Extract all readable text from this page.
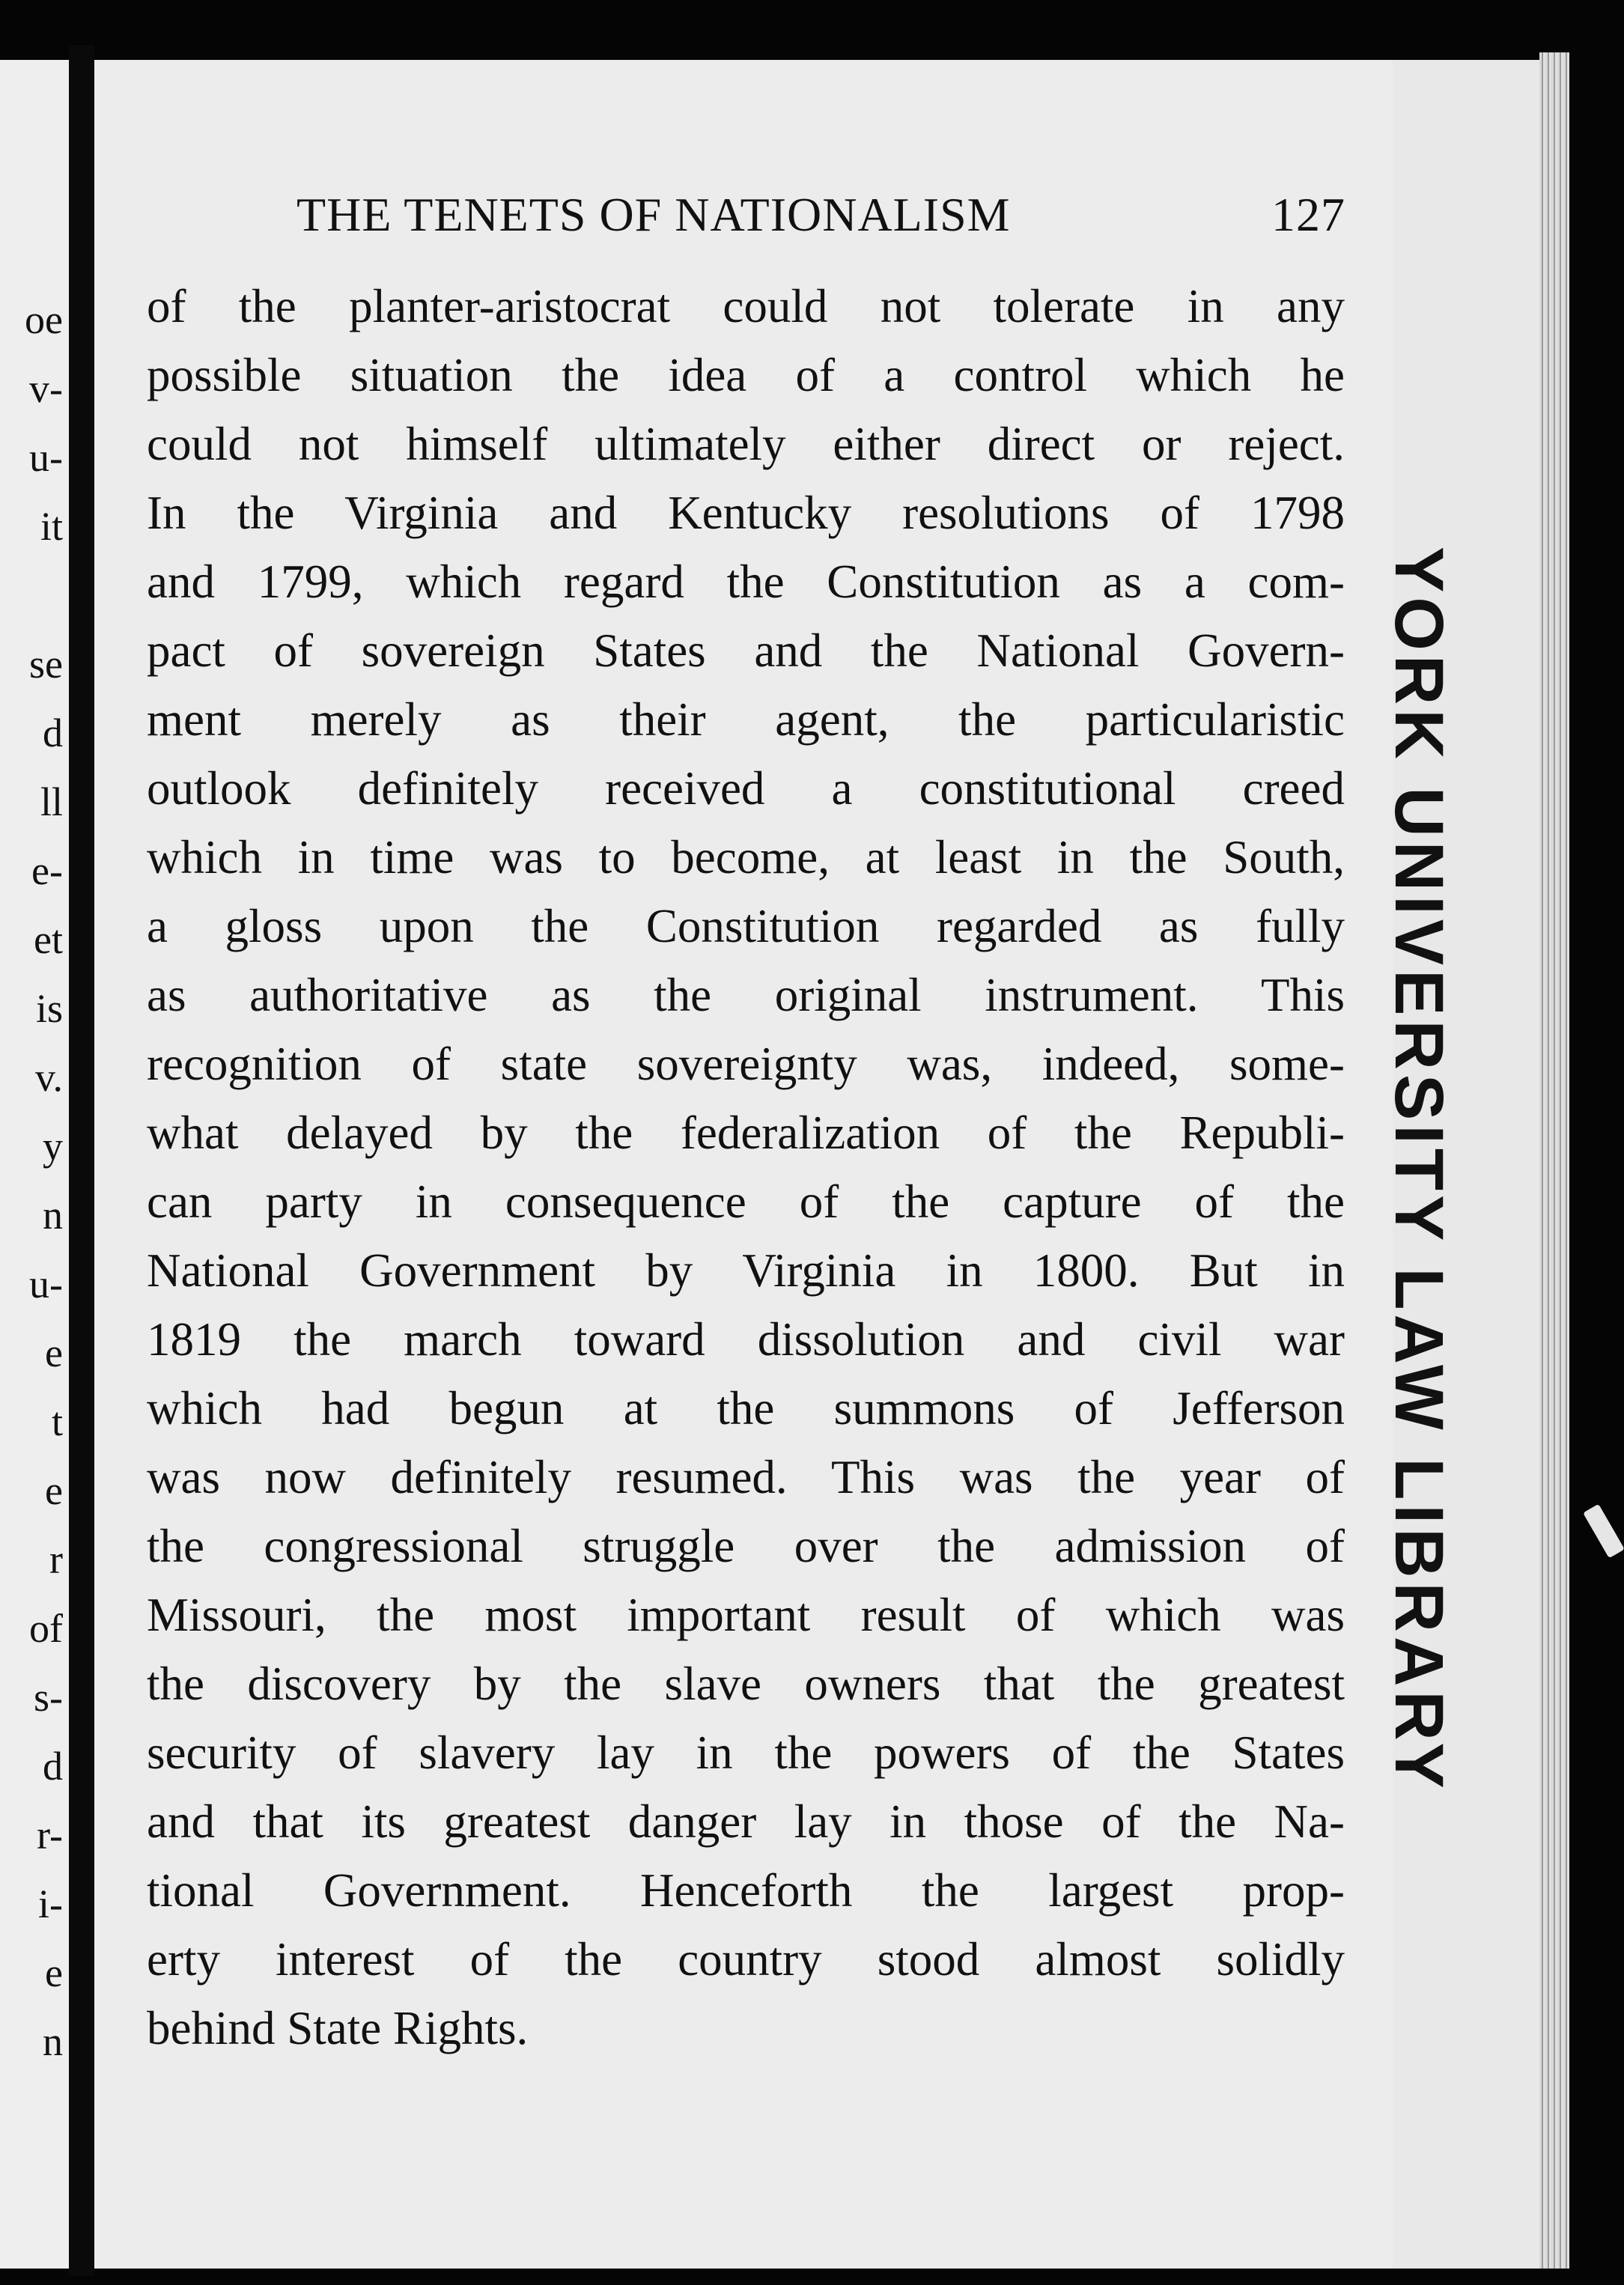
oe
v-
u-
it
se
d
ll
e-
et
is
v.
y
n
u-
e
t
e
r
of
s-
d
r-
i-
e
n
THE TENETS OF NATIONALISM	127
of the planter-aristocrat could not tolerate in any
possible situation the idea of a control which he
could not himself ultimately either direct or reject.
In the Virginia and Kentucky resolutions of 1798
and 1799, which regard the Constitution as a com-
pact of sovereign States and the National Govern-
ment merely as their agent, the particularistic
outlook definitely received a constitutional creed
which in time was to become, at least in the South,
a gloss upon the Constitution regarded as fully
as authoritative as the original instrument. This
recognition of state sovereignty was, indeed, some-
what delayed by the federalization of the Republi-
can party in consequence of the capture of the
National Government by Virginia in 1800. But in
1819 the march toward dissolution and civil war
which had begun at the summons of Jefferson
was now definitely resumed. This was the year of
the congressional struggle over the admission of
Missouri, the most important result of which was
the discovery by the slave owners that the greatest
security of slavery lay in the powers of the States
and that its greatest danger lay in those of the Na-
tional Government. Henceforth the largest prop-
erty interest of the country stood almost solidly
behind State Rights.
YORK UNIVERSITY LAW LIBRARY
